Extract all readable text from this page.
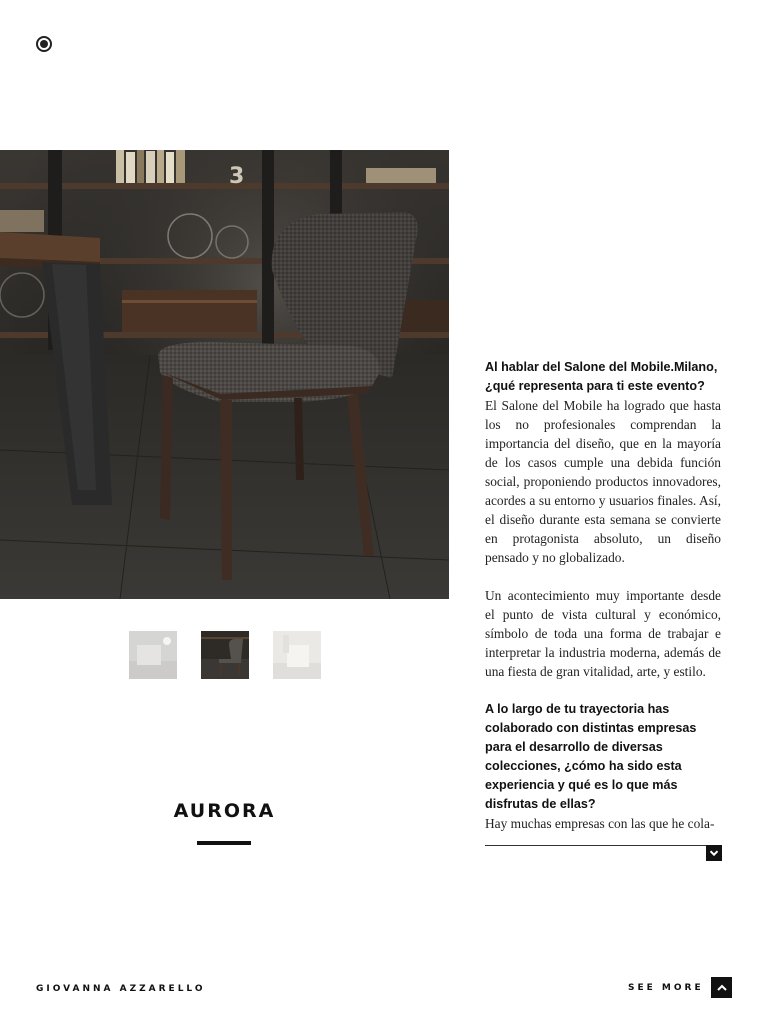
3
AURORA

Al hablar del Salone del Mobile.Milano, ¿qué representa para ti este evento?

El Salone del Mobile ha logrado que hasta los no profesionales comprendan la importancia del diseño, que en la mayoría de los casos cumple una debida función social, proponiendo productos innovadores, acordes a su entorno y usuarios finales. Así, el diseño durante esta semana se convierte en protagonista absoluto, un diseño pensado y no globalizado.

Un acontecimiento muy importante desde el punto de vista cultural y económico, símbolo de toda una forma de trabajar e interpretar la industria moderna, además de una fiesta de gran vitalidad, arte, y estilo.

A lo largo de tu trayectoria has colaborado con distintas empresas para el desarrollo de diversas colecciones, ¿cómo ha sido esta experiencia y qué es lo que más disfrutas de ellas?

Hay muchas empresas con las que he cola-

GIOVANNA AZZARELLO	SEE MORE
